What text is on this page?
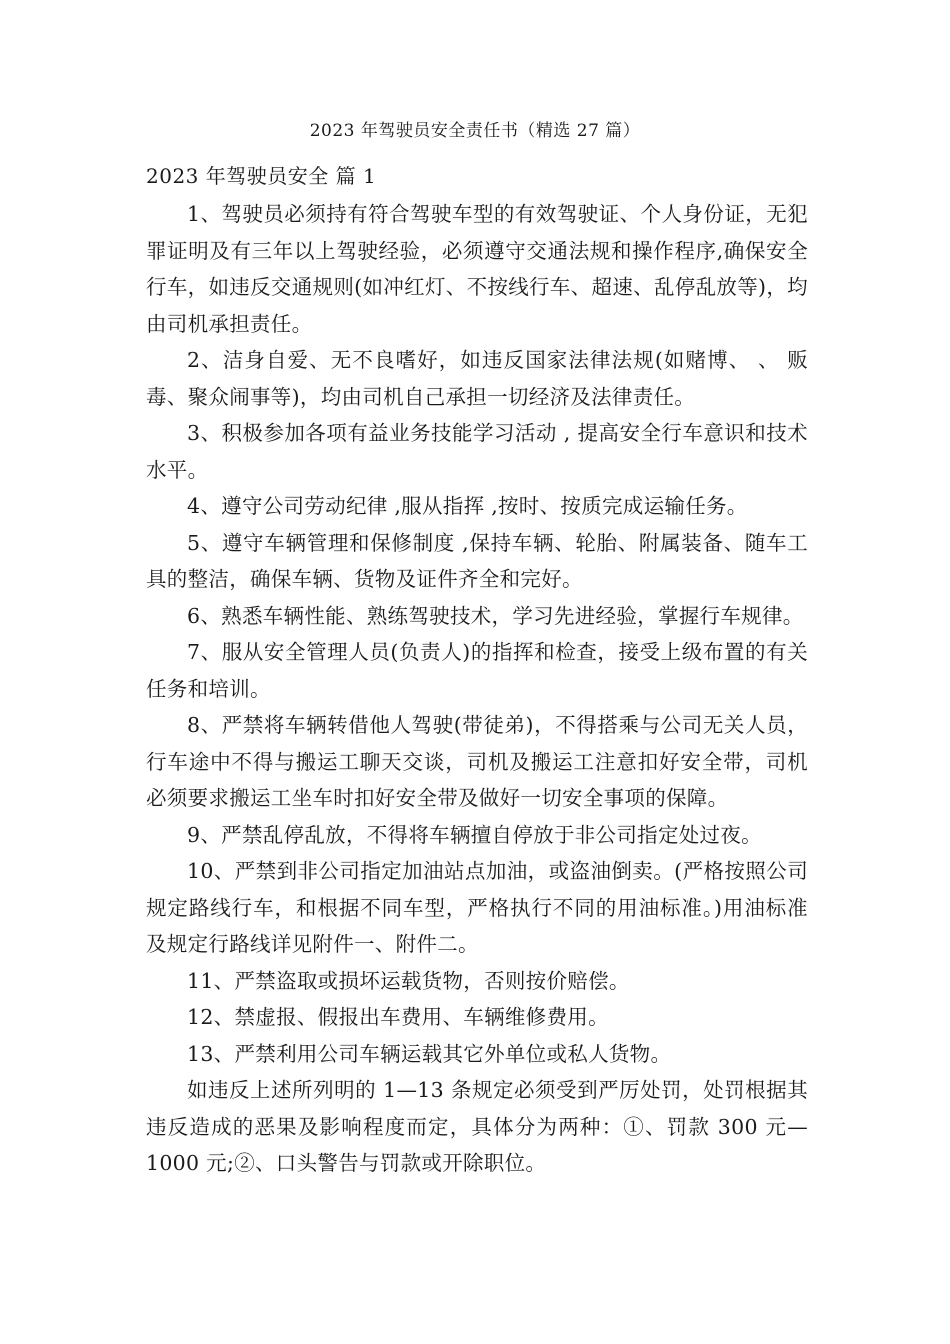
2023 年驾驶员安全责任书（精选 27 篇）
2023 年驾驶员安全 篇 1

1、驾驶员必须持有符合驾驶车型的有效驾驶证、个人身份证，无犯罪证明及有三年以上驾驶经验，必须遵守交通法规和操作程序,确保安全行车，如违反交通规则(如冲红灯、不按线行车、超速、乱停乱放等)，均由司机承担责任。

2、洁身自爱、无不良嗜好，如违反国家法律法规(如赌博、 、 贩毒、聚众闹事等)，均由司机自己承担一切经济及法律责任。

3、积极参加各项有益业务技能学习活动 , 提高安全行车意识和技术水平。

4、遵守公司劳动纪律 ,服从指挥 ,按时、按质完成运输任务。

5、遵守车辆管理和保修制度 ,保持车辆、轮胎、附属装备、随车工具的整洁，确保车辆、货物及证件齐全和完好。

6、熟悉车辆性能、熟练驾驶技术，学习先进经验，掌握行车规律。

7、服从安全管理人员(负责人)的指挥和检查，接受上级布置的有关任务和培训。

8、严禁将车辆转借他人驾驶(带徒弟)，不得搭乘与公司无关人员，行车途中不得与搬运工聊天交谈，司机及搬运工注意扣好安全带，司机必须要求搬运工坐车时扣好安全带及做好一切安全事项的保障。

9、严禁乱停乱放，不得将车辆擅自停放于非公司指定处过夜。

10、严禁到非公司指定加油站点加油，或盗油倒卖。(严格按照公司规定路线行车，和根据不同车型，严格执行不同的用油标准。)用油标准及规定行路线详见附件一、附件二。

11、严禁盗取或损坏运载货物，否则按价赔偿。

12、禁虚报、假报出车费用、车辆维修费用。

13、严禁利用公司车辆运载其它外单位或私人货物。

如违反上述所列明的 1—13 条规定必须受到严厉处罚，处罚根据其违反造成的恶果及影响程度而定，具体分为两种：①、罚款 300 元—1000 元;②、口头警告与罚款或开除职位。
